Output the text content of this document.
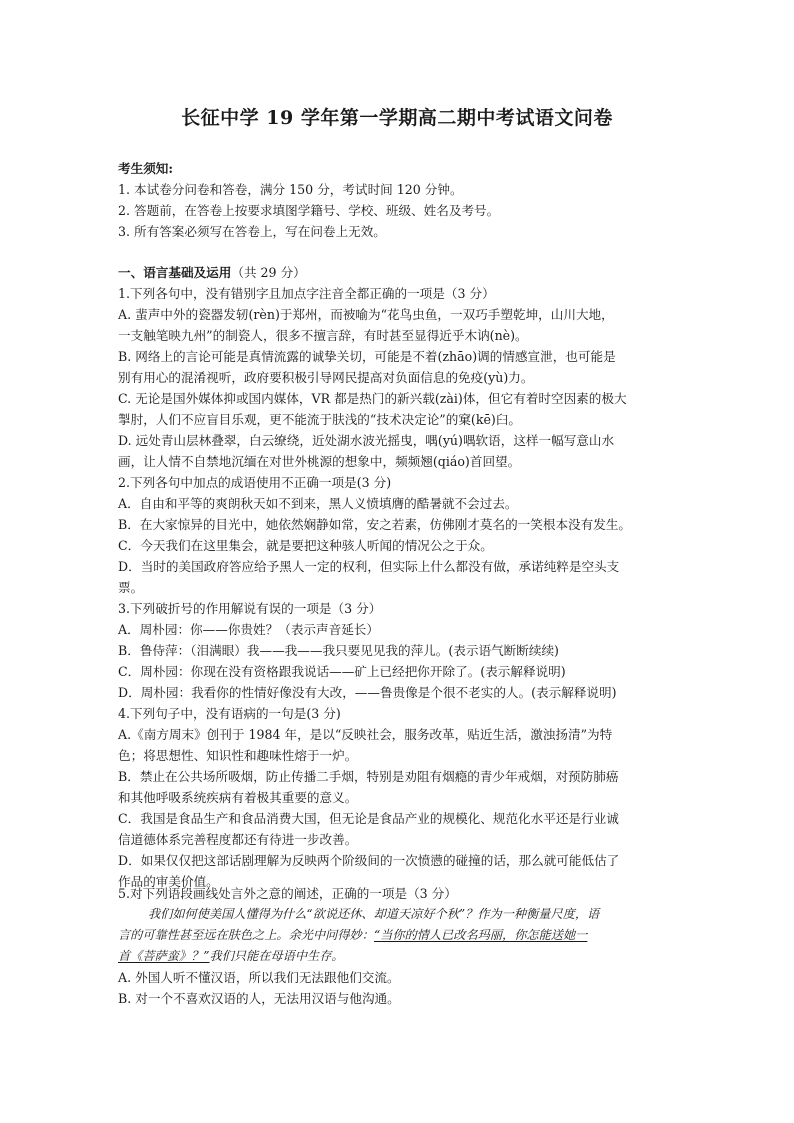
长征中学 19 学年第一学期高二期中考试语文问卷
考生须知:
1. 本试卷分问卷和答卷，满分 150 分，考试时间 120 分钟。
2. 答题前，在答卷上按要求填图学籍号、学校、班级、姓名及考号。
3. 所有答案必须写在答卷上，写在问卷上无效。
一、语言基础及运用（共 29 分）
1.下列各句中，没有错别字且加点字注音全都正确的一项是（3 分）
A. 蜚声中外的瓷器发轫(rèn)于郑州，而被喻为“花鸟虫鱼，一双巧手塑乾坤，山川大地，
一支触笔映九州”的制瓷人，很多不擅言辞，有时甚至显得近乎木讷(nè)。
B. 网络上的言论可能是真情流露的诚挚关切，可能是不着(zhāo)调的情感宣泄，也可能是
别有用心的混淆视听，政府要积极引导网民提高对负面信息的免疫(yù)力。
C. 无论是国外媒体抑或国内媒体，VR 都是热门的新兴载(zài)体，但它有着时空因素的极大
掣肘，人们不应盲目乐观，更不能流于肤浅的“技术决定论”的窠(kē)臼。
D. 远处青山层林叠翠，白云缭绕，近处湖水波光摇曳，喁(yú)喁软语，这样一幅写意山水
画，让人情不自禁地沉缅在对世外桃源的想象中，频频翘(qiáo)首回望。
2.下列各句中加点的成语使用不正确一项是(3 分)
A．自由和平等的爽朗秋天如不到来，黑人义愤填膺的酷暑就不会过去。
B．在大家惊异的目光中，她依然娴静如常，安之若素，仿佛刚才莫名的一笑根本没有发生。
C．今天我们在这里集会，就是要把这种骇人听闻的情况公之于众。
D．当时的美国政府答应给予黑人一定的权利，但实际上什么都没有做，承诺纯粹是空头支
票。
3.下列破折号的作用解说有误的一项是（3 分）
A．周朴园：你——你贵姓？（表示声音延长）
B．鲁侍萍：（泪满眼）我——我——我只要见见我的萍儿。(表示语气断断续续)
C．周朴园：你现在没有资格跟我说话——矿上已经把你开除了。(表示解释说明)
D．周朴园：我看你的性情好像没有大改，——鲁贵像是个很不老实的人。(表示解释说明)
4.下列句子中，没有语病的一句是(3 分)
A.《南方周末》创刊于 1984 年，是以“反映社会，服务改革，贴近生活，激浊扬清”为特
色；将思想性、知识性和趣味性熔于一炉。
B．禁止在公共场所吸烟，防止传播二手烟，特别是劝阻有烟瘾的青少年戒烟，对预防肺癌
和其他呼吸系统疾病有着极其重要的意义。
C．我国是食品生产和食品消费大国，但无论是食品产业的规模化、规范化水平还是行业诚
信道德体系完善程度都还有待进一步改善。
D．如果仅仅把这部话剧理解为反映两个阶级间的一次愤懑的碰撞的话，那么就可能低估了
作品的审美价值。
5.对下列语段画线处言外之意的阐述，正确的一项是（3 分）
我们如何使美国人懂得为什么“欲说还休、却道天凉好个秋”？作为一种衡量尺度，语
言的可靠性甚至远在肤色之上。余光中问得妙：“当你的情人已改名玛丽，你怎能送她一
首《菩萨蛮》？”我们只能在母语中生存。
A. 外国人听不懂汉语，所以我们无法跟他们交流。
B. 对一个不喜欢汉语的人，无法用汉语与他沟通。
